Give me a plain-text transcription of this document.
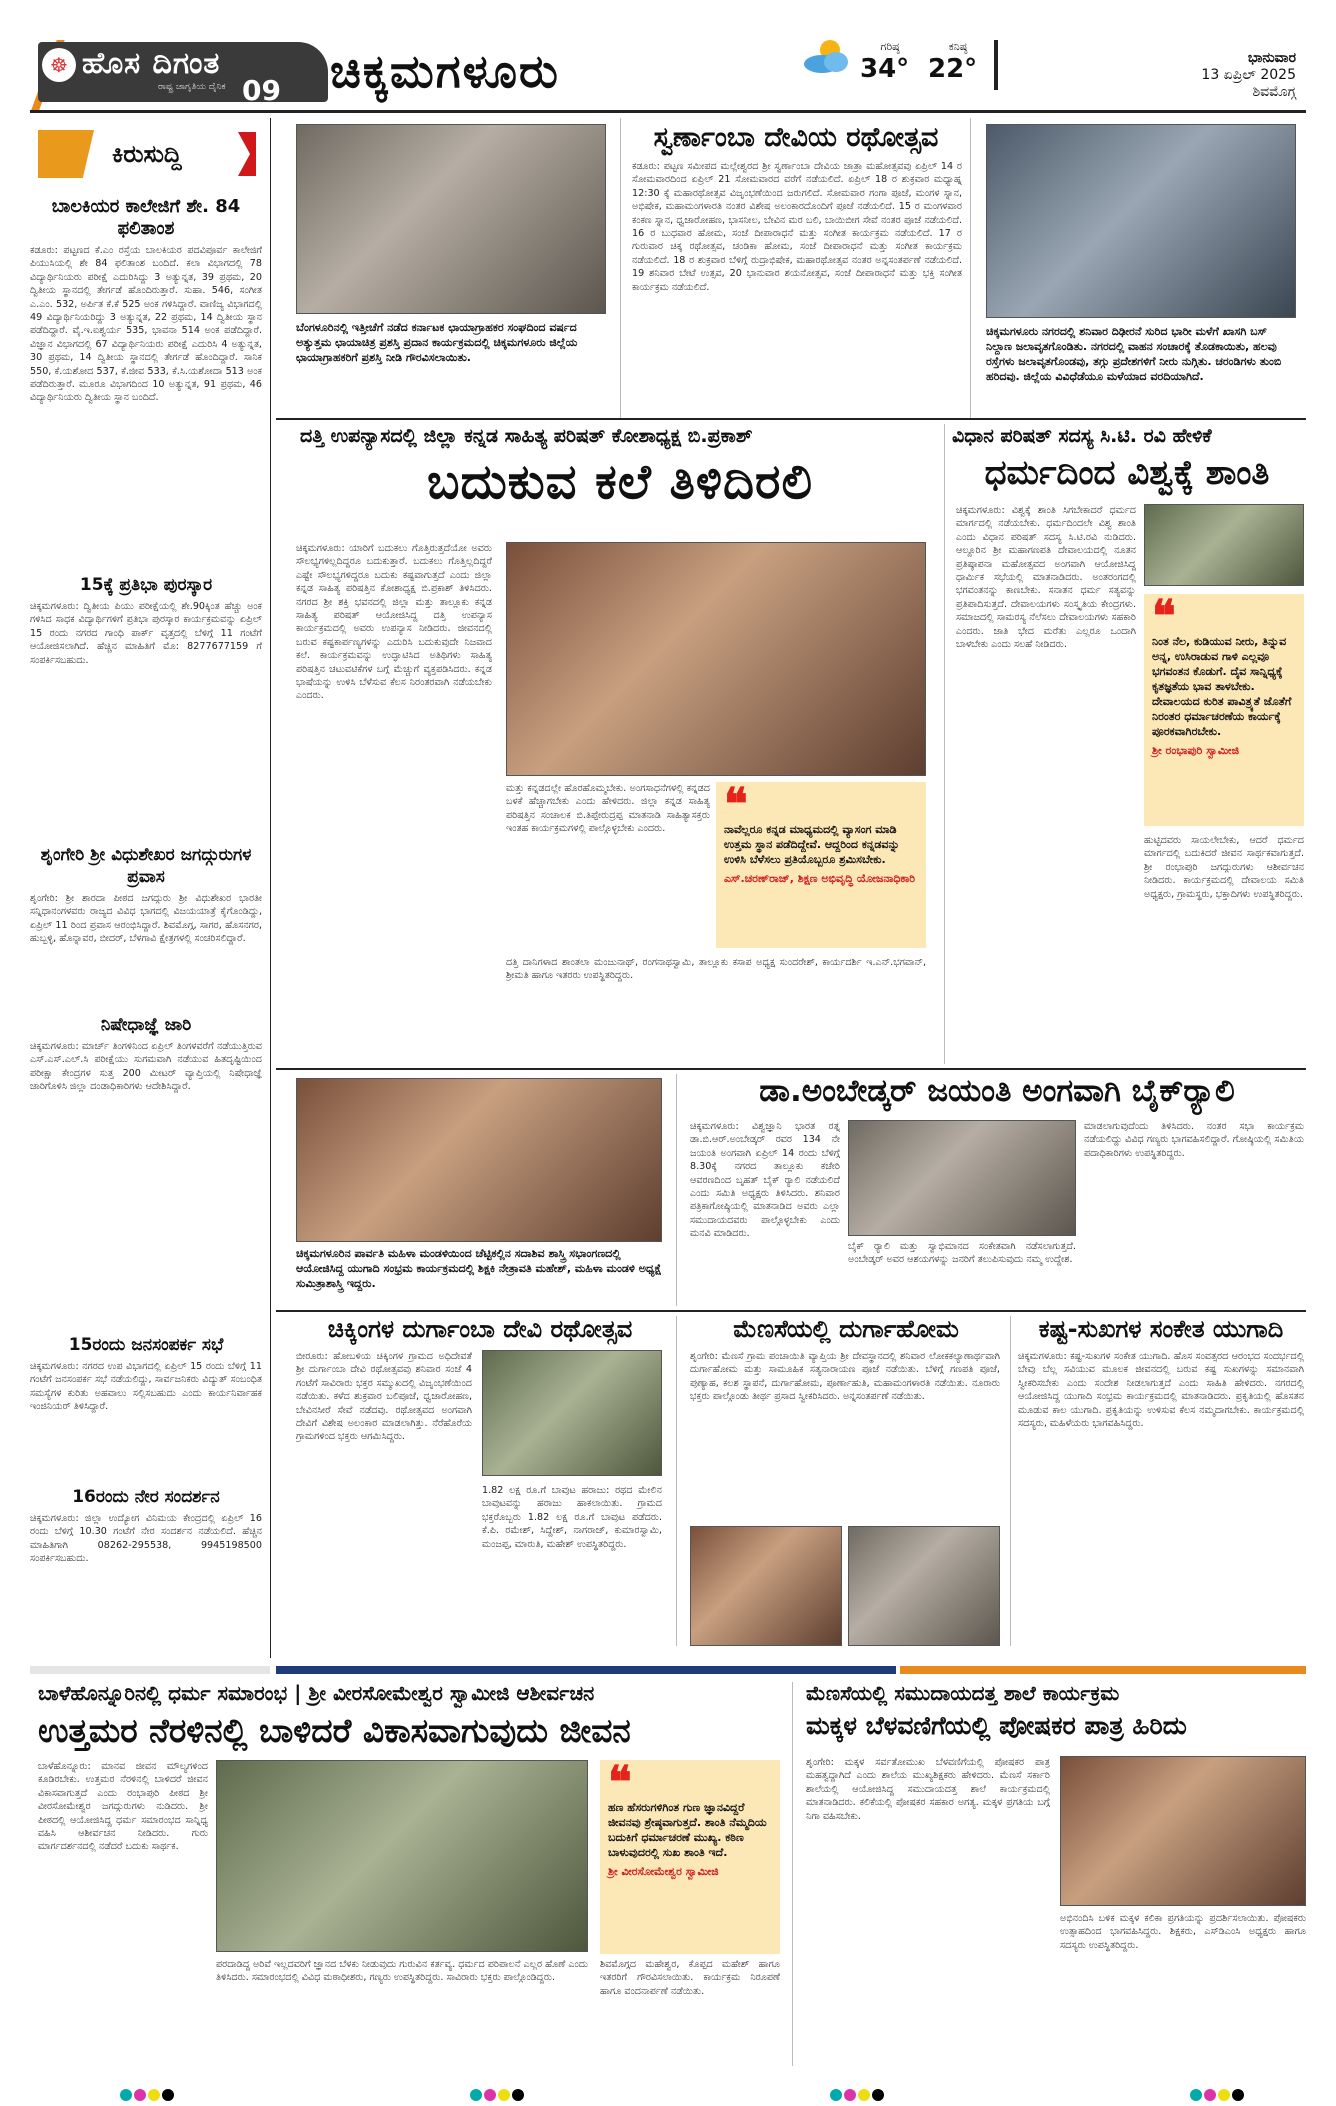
☸ ಹೊಸ ದಿಗಂತ
ರಾಷ್ಟ್ರ ಜಾಗೃತಿಯ ದೈನಿಕ 09 ಚಿಕ್ಕಮಗಳೂರು	ಗರಿಷ್ಠ
34°
ಕನಿಷ್ಠ
22°	ಭಾನುವಾರ
13 ಏಪ್ರಿಲ್ 2025
ಶಿವಮೊಗ್ಗ
ಕಿರುಸುದ್ದಿ
ಬಾಲಕಿಯರ ಕಾಲೇಜಿಗೆ ಶೇ. 84 ಫಲಿತಾಂಶ
ಕಡೂರು: ಪಟ್ಟಣದ ಕೆ.ಎಂ ರಸ್ತೆಯ ಬಾಲಕಿಯರ ಪದವಿಪೂರ್ವ ಕಾಲೇಜಿಗೆ ಪಿಯುಸಿಯಲ್ಲಿ ಶೇ 84 ಫಲಿತಾಂಶ ಬಂದಿದೆ. ಕಲಾ ವಿಭಾಗದಲ್ಲಿ 78 ವಿದ್ಯಾರ್ಥಿನಿಯರು ಪರೀಕ್ಷೆ ಎದುರಿಸಿದ್ದು 3 ಅತ್ಯುನ್ನತ, 39 ಪ್ರಥಮ, 20 ದ್ವಿತೀಯ ಸ್ಥಾನದಲ್ಲಿ ತೇರ್ಗಡೆ ಹೊಂದಿರುತ್ತಾರೆ. ಸುಹಾ. 546, ಸಂಗೀತ ಎ.ಎಂ. 532, ಅರ್ಪಿತ ಕೆ.ಕೆ 525 ಅಂಕ ಗಳಿಸಿದ್ದಾರೆ. ವಾಣಿಜ್ಯ ವಿಭಾಗದಲ್ಲಿ 49 ವಿದ್ಯಾರ್ಥಿನಿಯರಿದ್ದು 3 ಅತ್ಯುನ್ನತ, 22 ಪ್ರಥಮ, 14 ದ್ವಿತೀಯ ಸ್ಥಾನ ಪಡೆದಿದ್ದಾರೆ. ವೈ.ಇ.ಐಶ್ವರ್ಯ 535, ಭಾವನಾ 514 ಅಂಕ ಪಡೆದಿದ್ದಾರೆ. ವಿಜ್ಞಾನ ವಿಭಾಗದಲ್ಲಿ 67 ವಿದ್ಯಾರ್ಥಿನಿಯರು ಪರೀಕ್ಷೆ ಎದುರಿಸಿ 4 ಅತ್ಯುನ್ನತ, 30 ಪ್ರಥಮ, 14 ದ್ವಿತೀಯ ಸ್ಥಾನದಲ್ಲಿ ತೇರ್ಗಡೆ ಹೊಂದಿದ್ದಾರೆ. ಸಾನಿಕ 550, ಕೆ.ಯಶೋದ 537, ಕೆ.ಜೀವ 533, ಕೆ.ಸಿ.ಯಶೋದಾ 513 ಅಂಕ ಪಡೆದಿರುತ್ತಾರೆ. ಮೂರೂ ವಿಭಾಗದಿಂದ 10 ಅತ್ಯುನ್ನತ, 91 ಪ್ರಥಮ, 46 ವಿದ್ಯಾರ್ಥಿನಿಯರು ದ್ವಿತೀಯ ಸ್ಥಾನ ಬಂದಿದೆ.
15ಕ್ಕೆ ಪ್ರತಿಭಾ ಪುರಸ್ಕಾರ
ಚಿಕ್ಕಮಗಳೂರು: ದ್ವಿತೀಯ ಪಿಯು ಪರೀಕ್ಷೆಯಲ್ಲಿ ಶೇ.90ಕ್ಕಿಂತ ಹೆಚ್ಚು ಅಂಕ ಗಳಿಸಿದ ಸಾಧಕ ವಿದ್ಯಾರ್ಥಿಗಳಿಗೆ ಪ್ರತಿಭಾ ಪುರಸ್ಕಾರ ಕಾರ್ಯಕ್ರಮವನ್ನು ಏಪ್ರಿಲ್ 15 ರಂದು ನಗರದ ಗಾಂಧಿ ಪಾರ್ಕ್ ವೃತ್ತದಲ್ಲಿ ಬೆಳಿಗ್ಗೆ 11 ಗಂಟೆಗೆ ಆಯೋಜಿಸಲಾಗಿದೆ. ಹೆಚ್ಚಿನ ಮಾಹಿತಿಗೆ ಮೊ: 8277677159 ಗೆ ಸಂಪರ್ಕಿಸಬಹುದು.
ಶೃಂಗೇರಿ ಶ್ರೀ ವಿಧುಶೇಖರ ಜಗದ್ಗುರುಗಳ ಪ್ರವಾಸ
ಶೃಂಗೇರಿ: ಶ್ರೀ ಶಾರದಾ ಪೀಠದ ಜಗದ್ಗುರು ಶ್ರೀ ವಿಧುಶೇಖರ ಭಾರತೀ ಸನ್ನಿಧಾನಂಗಳವರು ರಾಜ್ಯದ ವಿವಿಧ ಭಾಗದಲ್ಲಿ ವಿಜಯಯಾತ್ರೆ ಕೈಗೊಂಡಿದ್ದು, ಏಪ್ರಿಲ್ 11 ರಿಂದ ಪ್ರವಾಸ ಆರಂಭಿಸಿದ್ದಾರೆ. ಶಿವಮೊಗ್ಗ, ಸಾಗರ, ಹೊಸನಗರ, ಹುಬ್ಬಳ್ಳಿ, ಹೊನ್ನಾವರ, ಬೀದರ್, ಬೆಳಗಾವಿ ಕ್ಷೇತ್ರಗಳಲ್ಲಿ ಸಂಚರಿಸಲಿದ್ದಾರೆ.
ನಿಷೇಧಾಜ್ಞೆ ಜಾರಿ
ಚಿಕ್ಕಮಗಳೂರು: ಮಾರ್ಚ್ ತಿಂಗಳಿನಿಂದ ಏಪ್ರಿಲ್ ತಿಂಗಳವರೆಗೆ ನಡೆಯುತ್ತಿರುವ ಎಸ್.ಎಸ್.ಎಲ್.ಸಿ ಪರೀಕ್ಷೆಯು ಸುಗಮವಾಗಿ ನಡೆಯುವ ಹಿತದೃಷ್ಟಿಯಿಂದ ಪರೀಕ್ಷಾ ಕೇಂದ್ರಗಳ ಸುತ್ತ 200 ಮೀಟರ್ ವ್ಯಾಪ್ತಿಯಲ್ಲಿ ನಿಷೇಧಾಜ್ಞೆ ಜಾರಿಗೊಳಿಸಿ ಜಿಲ್ಲಾ ದಂಡಾಧಿಕಾರಿಗಳು ಆದೇಶಿಸಿದ್ದಾರೆ.
15ರಂದು ಜನಸಂಪರ್ಕ ಸಭೆ
ಚಿಕ್ಕಮಗಳೂರು: ನಗರದ ಉಪ ವಿಭಾಗದಲ್ಲಿ ಏಪ್ರಿಲ್ 15 ರಂದು ಬೆಳಿಗ್ಗೆ 11 ಗಂಟೆಗೆ ಜನಸಂಪರ್ಕ ಸಭೆ ನಡೆಯಲಿದ್ದು, ಸಾರ್ವಜನಿಕರು ವಿದ್ಯುತ್ ಸಂಬಂಧಿತ ಸಮಸ್ಯೆಗಳ ಕುರಿತು ಅಹವಾಲು ಸಲ್ಲಿಸಬಹುದು ಎಂದು ಕಾರ್ಯನಿರ್ವಾಹಕ ಇಂಜಿನಿಯರ್ ತಿಳಿಸಿದ್ದಾರೆ.
16ರಂದು ನೇರ ಸಂದರ್ಶನ
ಚಿಕ್ಕಮಗಳೂರು: ಜಿಲ್ಲಾ ಉದ್ಯೋಗ ವಿನಿಮಯ ಕೇಂದ್ರದಲ್ಲಿ ಏಪ್ರಿಲ್ 16 ರಂದು ಬೆಳಿಗ್ಗೆ 10.30 ಗಂಟೆಗೆ ನೇರ ಸಂದರ್ಶನ ನಡೆಯಲಿದೆ. ಹೆಚ್ಚಿನ ಮಾಹಿತಿಗಾಗಿ 08262-295538, 9945198500 ಸಂಪರ್ಕಿಸಬಹುದು.
ಬೆಂಗಳೂರಿನಲ್ಲಿ ಇತ್ತೀಚೆಗೆ ನಡೆದ ಕರ್ನಾಟಕ ಛಾಯಾಗ್ರಾಹಕರ ಸಂಘದಿಂದ ವರ್ಷದ ಅತ್ಯುತ್ತಮ ಛಾಯಾಚಿತ್ರ ಪ್ರಶಸ್ತಿ ಪ್ರದಾನ ಕಾರ್ಯಕ್ರಮದಲ್ಲಿ ಚಿಕ್ಕಮಗಳೂರು ಜಿಲ್ಲೆಯ ಛಾಯಾಗ್ರಾಹಕರಿಗೆ ಪ್ರಶಸ್ತಿ ನೀಡಿ ಗೌರವಿಸಲಾಯಿತು.
ಸ್ವರ್ಣಾಂಬಾ ದೇವಿಯ ರಥೋತ್ಸವ
ಕಡೂರು: ಪಟ್ಟಣ ಸಮೀಪದ ಮಲ್ಲೇಶ್ವರದ ಶ್ರೀ ಸ್ವರ್ಣಾಂಬಾ ದೇವಿಯ ಜಾತ್ರಾ ಮಹೋತ್ಸವವು ಏಪ್ರಿಲ್ 14 ರ ಸೋಮವಾರದಿಂದ ಏಪ್ರಿಲ್ 21 ಸೋಮವಾರದ ವರೆಗೆ ನಡೆಯಲಿದೆ. ಏಪ್ರಿಲ್ 18 ರ ಶುಕ್ರವಾರ ಮಧ್ಯಾಹ್ನ 12:30 ಕ್ಕೆ ಮಹಾರಥೋತ್ಸವ ವಿಜೃಂಭಣೆಯಿಂದ ಜರುಗಲಿದೆ. ಸೋಮವಾರ ಗಂಗಾ ಪೂಜೆ, ಮಂಗಳ ಸ್ನಾನ, ಅಭಿಷೇಕ, ಮಹಾಮಂಗಳಾರತಿ ನಂತರ ವಿಶೇಷ ಅಲಂಕಾರದೊಂದಿಗೆ ಪೂಜೆ ನಡೆಯಲಿದೆ. 15 ರ ಮಂಗಳವಾರ ಕಂಕಣ ಸ್ನಾನ, ಧ್ವಜಾರೋಹಣ, ಭಾಸನೀಲ, ಬೇವಿನ ಮರ ಬಲಿ, ಬಾಯಿಬೀಗ ಸೇವೆ ನಂತರ ಪೂಜೆ ನಡೆಯಲಿದೆ. 16 ರ ಬುಧವಾರ ಹೋಮ, ಸಂಜೆ ದೀಪಾರಾಧನೆ ಮತ್ತು ಸಂಗೀತ ಕಾರ್ಯಕ್ರಮ ನಡೆಯಲಿದೆ. 17 ರ ಗುರುವಾರ ಚಿಕ್ಕ ರಥೋತ್ಸವ, ಚಂಡಿಕಾ ಹೋಮ, ಸಂಜೆ ದೀಪಾರಾಧನೆ ಮತ್ತು ಸಂಗೀತ ಕಾರ್ಯಕ್ರಮ ನಡೆಯಲಿದೆ. 18 ರ ಶುಕ್ರವಾರ ಬೆಳಿಗ್ಗೆ ರುದ್ರಾಭಿಷೇಕ, ಮಹಾರಥೋತ್ಸವ ನಂತರ ಅನ್ನಸಂತರ್ಪಣೆ ನಡೆಯಲಿದೆ. 19 ಶನಿವಾರ ಬೇಟೆ ಉತ್ಸವ, 20 ಭಾನುವಾರ ಶಯನೋತ್ಸವ, ಸಂಜೆ ದೀಪಾರಾಧನೆ ಮತ್ತು ಭಕ್ತಿ ಸಂಗೀತ ಕಾರ್ಯಕ್ರಮ ನಡೆಯಲಿದೆ.
ಚಿಕ್ಕಮಗಳೂರು ನಗರದಲ್ಲಿ ಶನಿವಾರ ದಿಢೀರನೆ ಸುರಿದ ಭಾರೀ ಮಳೆಗೆ ಖಾಸಗಿ ಬಸ್ ನಿಲ್ದಾಣ ಜಲಾವೃತಗೊಂಡಿತು. ನಗರದಲ್ಲಿ ವಾಹನ ಸಂಚಾರಕ್ಕೆ ತೊಡಕಾಯಿತು, ಹಲವು ರಸ್ತೆಗಳು ಜಲಾವೃತಗೊಂಡವು, ತಗ್ಗು ಪ್ರದೇಶಗಳಿಗೆ ನೀರು ನುಗ್ಗಿತು. ಚರಂಡಿಗಳು ತುಂಬಿ ಹರಿದವು. ಜಿಲ್ಲೆಯ ವಿವಿಧೆಡೆಯೂ ಮಳೆಯಾದ ವರದಿಯಾಗಿದೆ.
ದತ್ತಿ ಉಪನ್ಯಾಸದಲ್ಲಿ ಜಿಲ್ಲಾ ಕನ್ನಡ ಸಾಹಿತ್ಯ ಪರಿಷತ್ ಕೋಶಾಧ್ಯಕ್ಷ ಬಿ.ಪ್ರಕಾಶ್
ಬದುಕುವ ಕಲೆ ತಿಳಿದಿರಲಿ
ಚಿಕ್ಕಮಗಳೂರು: ಯಾರಿಗೆ ಬದುಕಲು ಗೊತ್ತಿರುತ್ತದೆಯೋ ಅವರು ಸೌಲಭ್ಯಗಳಿಲ್ಲದಿದ್ದರೂ ಬದುಕುತ್ತಾರೆ. ಬದುಕಲು ಗೊತ್ತಿಲ್ಲದಿದ್ದರೆ ಎಷ್ಟೇ ಸೌಲಭ್ಯಗಳಿದ್ದರೂ ಬದುಕು ಕಷ್ಟವಾಗುತ್ತದೆ ಎಂದು ಜಿಲ್ಲಾ ಕನ್ನಡ ಸಾಹಿತ್ಯ ಪರಿಷತ್ತಿನ ಕೋಶಾಧ್ಯಕ್ಷ ಬಿ.ಪ್ರಕಾಶ್ ತಿಳಿಸಿದರು. ನಗರದ ಶ್ರೀ ಶಕ್ತಿ ಭವನದಲ್ಲಿ ಜಿಲ್ಲಾ ಮತ್ತು ತಾಲ್ಲೂಕು ಕನ್ನಡ ಸಾಹಿತ್ಯ ಪರಿಷತ್ ಆಯೋಜಿಸಿದ್ದ ದತ್ತಿ ಉಪನ್ಯಾಸ ಕಾರ್ಯಕ್ರಮದಲ್ಲಿ ಅವರು ಉಪನ್ಯಾಸ ನೀಡಿದರು. ಜೀವನದಲ್ಲಿ ಬರುವ ಕಷ್ಟಕಾರ್ಪಣ್ಯಗಳನ್ನು ಎದುರಿಸಿ ಬದುಕುವುದೇ ನಿಜವಾದ ಕಲೆ. ಕಾರ್ಯಕ್ರಮವನ್ನು ಉದ್ಘಾಟಿಸಿದ ಅತಿಥಿಗಳು ಸಾಹಿತ್ಯ ಪರಿಷತ್ತಿನ ಚಟುವಟಿಕೆಗಳ ಬಗ್ಗೆ ಮೆಚ್ಚುಗೆ ವ್ಯಕ್ತಪಡಿಸಿದರು. ಕನ್ನಡ ಭಾಷೆಯನ್ನು ಉಳಿಸಿ ಬೆಳೆಸುವ ಕೆಲಸ ನಿರಂತರವಾಗಿ ನಡೆಯಬೇಕು ಎಂದರು.
ಮತ್ತು ಕನ್ನಡದಲ್ಲೇ ಹೊರಹೊಮ್ಮಬೇಕು. ಅಂಗಸಾಧನೆಗಳಲ್ಲಿ ಕನ್ನಡದ ಬಳಕೆ ಹೆಚ್ಚಾಗಬೇಕು ಎಂದು ಹೇಳಿದರು. ಜಿಲ್ಲಾ ಕನ್ನಡ ಸಾಹಿತ್ಯ ಪರಿಷತ್ತಿನ ಸಂಚಾಲಕ ಬಿ.ತಿಪ್ಪೇರುದ್ರಪ್ಪ ಮಾತನಾಡಿ ಸಾಹಿತ್ಯಾಸಕ್ತರು ಇಂತಹ ಕಾರ್ಯಕ್ರಮಗಳಲ್ಲಿ ಪಾಲ್ಗೊಳ್ಳಬೇಕು ಎಂದರು.	❝
ನಾವೆಲ್ಲರೂ ಕನ್ನಡ ಮಾಧ್ಯಮದಲ್ಲಿ ವ್ಯಾಸಂಗ ಮಾಡಿ ಉತ್ತಮ ಸ್ಥಾನ ಪಡೆದಿದ್ದೇವೆ. ಆದ್ದರಿಂದ ಕನ್ನಡವನ್ನು ಉಳಿಸಿ ಬೆಳೆಸಲು ಪ್ರತಿಯೊಬ್ಬರೂ ಶ್ರಮಿಸಬೇಕು.
ಎಸ್.ಚರಣ್‌ರಾಜ್, ಶಿಕ್ಷಣ ಅಭಿವೃದ್ಧಿ ಯೋಜನಾಧಿಕಾರಿ
ದತ್ತಿ ದಾನಿಗಳಾದ ಶಾಂತಲಾ ಮಂಜುನಾಥ್, ರಂಗನಾಥಸ್ವಾಮಿ, ತಾಲ್ಲೂಕು ಕಸಾಪ ಅಧ್ಯಕ್ಷ ಸುಂದರೇಶ್, ಕಾರ್ಯದರ್ಶಿ ಇ.ಎನ್.ಭಗವಾನ್, ಶ್ರೀಮತಿ ಹಾಗೂ ಇತರರು ಉಪಸ್ಥಿತರಿದ್ದರು.
ವಿಧಾನ ಪರಿಷತ್ ಸದಸ್ಯ ಸಿ.ಟಿ. ರವಿ ಹೇಳಿಕೆ
ಧರ್ಮದಿಂದ ವಿಶ್ವಕ್ಕೆ ಶಾಂತಿ
ಚಿಕ್ಕಮಗಳೂರು: ವಿಶ್ವಕ್ಕೆ ಶಾಂತಿ ಸಿಗಬೇಕಾದರೆ ಧರ್ಮದ ಮಾರ್ಗದಲ್ಲಿ ನಡೆಯಬೇಕು. ಧರ್ಮದಿಂದಲೇ ವಿಶ್ವ ಶಾಂತಿ ಎಂದು ವಿಧಾನ ಪರಿಷತ್ ಸದಸ್ಯ ಸಿ.ಟಿ.ರವಿ ನುಡಿದರು. ಆಲ್ದೂರಿನ ಶ್ರೀ ಮಹಾಗಣಪತಿ ದೇವಾಲಯದಲ್ಲಿ ನೂತನ ಪ್ರತಿಷ್ಠಾಪನಾ ಮಹೋತ್ಸವದ ಅಂಗವಾಗಿ ಆಯೋಜಿಸಿದ್ದ ಧಾರ್ಮಿಕ ಸಭೆಯಲ್ಲಿ ಮಾತನಾಡಿದರು. ಅಂತರಂಗದಲ್ಲಿ ಭಗವಂತನನ್ನು ಕಾಣಬೇಕು. ಸನಾತನ ಧರ್ಮ ಸತ್ಯವನ್ನು ಪ್ರತಿಪಾದಿಸುತ್ತದೆ. ದೇವಾಲಯಗಳು ಸಂಸ್ಕೃತಿಯ ಕೇಂದ್ರಗಳು. ಸಮಾಜದಲ್ಲಿ ಸಾಮರಸ್ಯ ನೆಲೆಸಲು ದೇವಾಲಯಗಳು ಸಹಕಾರಿ ಎಂದರು. ಜಾತಿ ಭೇದ ಮರೆತು ಎಲ್ಲರೂ ಒಂದಾಗಿ ಬಾಳಬೇಕು ಎಂದು ಸಲಹೆ ನೀಡಿದರು.
❝
ನಿಂತ ನೆಲ, ಕುಡಿಯುವ ನೀರು, ತಿನ್ನುವ ಅನ್ನ, ಉಸಿರಾಡುವ ಗಾಳಿ ಎಲ್ಲವೂ ಭಗವಂತನ ಕೊಡುಗೆ. ದೈವ ಸಾನ್ನಿಧ್ಯಕ್ಕೆ ಕೃತಜ್ಞತೆಯ ಭಾವ ತಾಳಬೇಕು. ದೇವಾಲಯದ ಕುರಿತ ಪಾವಿತ್ರ್ಯತೆ ಜೊತೆಗೆ ನಿರಂತರ ಧರ್ಮಾಚರಣೆಯ ಕಾರ್ಯಕ್ಕೆ ಪೂರಕವಾಗಿರಬೇಕು.
ಶ್ರೀ ರಂಭಾಪುರಿ ಸ್ವಾಮೀಜಿ
ಹುಟ್ಟಿದವರು ಸಾಯಲೇಬೇಕು, ಆದರೆ ಧರ್ಮದ ಮಾರ್ಗದಲ್ಲಿ ಬದುಕಿದರೆ ಜೀವನ ಸಾರ್ಥಕವಾಗುತ್ತದೆ. ಶ್ರೀ ರಂಭಾಪುರಿ ಜಗದ್ಗುರುಗಳು ಆಶೀರ್ವಚನ ನೀಡಿದರು. ಕಾರ್ಯಕ್ರಮದಲ್ಲಿ ದೇವಾಲಯ ಸಮಿತಿ ಅಧ್ಯಕ್ಷರು, ಗ್ರಾಮಸ್ಥರು, ಭಕ್ತಾದಿಗಳು ಉಪಸ್ಥಿತರಿದ್ದರು.
ಚಿಕ್ಕಮಗಳೂರಿನ ಪಾರ್ವತಿ ಮಹಿಳಾ ಮಂಡಳಿಯಿಂದ ಚೆಟ್ಟಿಕಲ್ಲಿನ ಸದಾಶಿವ ಶಾಸ್ತ್ರಿ ಸಭಾಂಗಣದಲ್ಲಿ ಆಯೋಜಿಸಿದ್ದ ಯುಗಾದಿ ಸಂಭ್ರಮ ಕಾರ್ಯಕ್ರಮದಲ್ಲಿ ಶಿಕ್ಷಕಿ ನೇತ್ರಾವತಿ ಮಹೇಶ್, ಮಹಿಳಾ ಮಂಡಳಿ ಅಧ್ಯಕ್ಷೆ ಸುಮಿತ್ರಾಶಾಸ್ತ್ರಿ ಇದ್ದರು.
ಡಾ.ಅಂಬೇಡ್ಕರ್ ಜಯಂತಿ ಅಂಗವಾಗಿ ಬೈಕ್‌ರ್‍ಯಾಲಿ
ಚಿಕ್ಕಮಗಳೂರು: ವಿಶ್ವಜ್ಞಾನಿ ಭಾರತ ರತ್ನ ಡಾ.ಬಿ.ಆರ್.ಅಂಬೇಡ್ಕರ್ ರವರ 134 ನೇ ಜಯಂತಿ ಅಂಗವಾಗಿ ಏಪ್ರಿಲ್ 14 ರಂದು ಬೆಳಿಗ್ಗೆ 8.30ಕ್ಕೆ ನಗರದ ತಾಲ್ಲೂಕು ಕಚೇರಿ ಆವರಣದಿಂದ ಬೃಹತ್ ಬೈಕ್ ರ್‍ಯಾಲಿ ನಡೆಯಲಿದೆ ಎಂದು ಸಮಿತಿ ಅಧ್ಯಕ್ಷರು ತಿಳಿಸಿದರು. ಶನಿವಾರ ಪತ್ರಿಕಾಗೋಷ್ಠಿಯಲ್ಲಿ ಮಾತನಾಡಿದ ಅವರು ಎಲ್ಲಾ ಸಮುದಾಯದವರು ಪಾಲ್ಗೊಳ್ಳಬೇಕು ಎಂದು ಮನವಿ ಮಾಡಿದರು.
ಬೈಕ್ ರ್‍ಯಾಲಿ ಮತ್ತು ಸ್ವಾಭಿಮಾನದ ಸಂಕೇತವಾಗಿ ನಡೆಸಲಾಗುತ್ತದೆ. ಅಂಬೇಡ್ಕರ್ ಅವರ ಆಶಯಗಳನ್ನು ಜನರಿಗೆ ತಲುಪಿಸುವುದು ನಮ್ಮ ಉದ್ದೇಶ.
ಮಾಡಲಾಗುವುದೆಂದು ತಿಳಿಸಿದರು. ನಂತರ ಸಭಾ ಕಾರ್ಯಕ್ರಮ ನಡೆಯಲಿದ್ದು ವಿವಿಧ ಗಣ್ಯರು ಭಾಗವಹಿಸಲಿದ್ದಾರೆ. ಗೋಷ್ಠಿಯಲ್ಲಿ ಸಮಿತಿಯ ಪದಾಧಿಕಾರಿಗಳು ಉಪಸ್ಥಿತರಿದ್ದರು.
ಚಿಕ್ಕಿಂಗಳ ದುರ್ಗಾಂಬಾ ದೇವಿ ರಥೋತ್ಸವ
ಬೀರೂರು: ಹೋಬಳಿಯ ಚಿಕ್ಕಿಂಗಳ ಗ್ರಾಮದ ಅಧಿದೇವತೆ ಶ್ರೀ ದುರ್ಗಾಂಬಾ ದೇವಿ ರಥೋತ್ಸವವು ಶನಿವಾರ ಸಂಜೆ 4 ಗಂಟೆಗೆ ಸಾವಿರಾರು ಭಕ್ತರ ಸಮ್ಮುಖದಲ್ಲಿ ವಿಜೃಂಭಣೆಯಿಂದ ನಡೆಯಿತು. ಕಳೆದ ಶುಕ್ರವಾರ ಬಲಿಪೂಜೆ, ಧ್ವಜಾರೋಹಣ, ಬೇವಿನಸೀರೆ ಸೇವೆ ನಡೆದವು. ರಥೋತ್ಸವದ ಅಂಗವಾಗಿ ದೇವಿಗೆ ವಿಶೇಷ ಅಲಂಕಾರ ಮಾಡಲಾಗಿತ್ತು. ನೆರೆಹೊರೆಯ ಗ್ರಾಮಗಳಿಂದ ಭಕ್ತರು ಆಗಮಿಸಿದ್ದರು.
1.82 ಲಕ್ಷ ರೂ.ಗೆ ಬಾವುಟ ಹರಾಜು: ರಥದ ಮೇಲಿನ ಬಾವುಟವನ್ನು ಹರಾಜು ಹಾಕಲಾಯಿತು. ಗ್ರಾಮದ ಭಕ್ತರೊಬ್ಬರು 1.82 ಲಕ್ಷ ರೂ.ಗೆ ಬಾವುಟ ಪಡೆದರು. ಕೆ.ಪಿ. ರಮೇಶ್, ಸಿದ್ದೇಶ್, ನಾಗರಾಜ್, ಕುಮಾರಸ್ವಾಮಿ, ಮಂಜಪ್ಪ, ಮಾರುತಿ, ಮಹೇಶ್ ಉಪಸ್ಥಿತರಿದ್ದರು.
ಮೆಣಸೆಯಲ್ಲಿ ದುರ್ಗಾಹೋಮ
ಶೃಂಗೇರಿ: ಮೆಣಸೆ ಗ್ರಾಮ ಪಂಚಾಯಿತಿ ವ್ಯಾಪ್ತಿಯ ಶ್ರೀ ದೇವಸ್ಥಾನದಲ್ಲಿ ಶನಿವಾರ ಲೋಕಕಲ್ಯಾಣಾರ್ಥವಾಗಿ ದುರ್ಗಾಹೋಮ ಮತ್ತು ಸಾಮೂಹಿಕ ಸತ್ಯನಾರಾಯಣ ಪೂಜೆ ನಡೆಯಿತು. ಬೆಳಿಗ್ಗೆ ಗಣಪತಿ ಪೂಜೆ, ಪುಣ್ಯಾಹ, ಕಲಶ ಸ್ಥಾಪನೆ, ದುರ್ಗಾಹೋಮ, ಪೂರ್ಣಾಹುತಿ, ಮಹಾಮಂಗಳಾರತಿ ನಡೆಯಿತು. ನೂರಾರು ಭಕ್ತರು ಪಾಲ್ಗೊಂಡು ತೀರ್ಥ ಪ್ರಸಾದ ಸ್ವೀಕರಿಸಿದರು. ಅನ್ನಸಂತರ್ಪಣೆ ನಡೆಯಿತು.
ಕಷ್ಟ-ಸುಖಗಳ ಸಂಕೇತ ಯುಗಾದಿ
ಚಿಕ್ಕಮಗಳೂರು: ಕಷ್ಟ-ಸುಖಗಳ ಸಂಕೇತ ಯುಗಾದಿ. ಹೊಸ ಸಂವತ್ಸರದ ಆರಂಭದ ಸಂದರ್ಭದಲ್ಲಿ ಬೇವು ಬೆಲ್ಲ ಸವಿಯುವ ಮೂಲಕ ಜೀವನದಲ್ಲಿ ಬರುವ ಕಷ್ಟ ಸುಖಗಳನ್ನು ಸಮಾನವಾಗಿ ಸ್ವೀಕರಿಸಬೇಕು ಎಂದು ಸಂದೇಶ ನೀಡಲಾಗುತ್ತದೆ ಎಂದು ಸಾಹಿತಿ ಹೇಳಿದರು. ನಗರದಲ್ಲಿ ಆಯೋಜಿಸಿದ್ದ ಯುಗಾದಿ ಸಂಭ್ರಮ ಕಾರ್ಯಕ್ರಮದಲ್ಲಿ ಮಾತನಾಡಿದರು. ಪ್ರಕೃತಿಯಲ್ಲಿ ಹೊಸತನ ಮೂಡುವ ಕಾಲ ಯುಗಾದಿ. ಪ್ರಕೃತಿಯನ್ನು ಉಳಿಸುವ ಕೆಲಸ ನಮ್ಮದಾಗಬೇಕು. ಕಾರ್ಯಕ್ರಮದಲ್ಲಿ ಸದಸ್ಯರು, ಮಹಿಳೆಯರು ಭಾಗವಹಿಸಿದ್ದರು.
ಬಾಳೆಹೊನ್ನೂರಿನಲ್ಲಿ ಧರ್ಮ ಸಮಾರಂಭ | ಶ್ರೀ ವೀರಸೋಮೇಶ್ವರ ಸ್ವಾಮೀಜಿ ಆಶೀರ್ವಚನ
ಉತ್ತಮರ ನೆರಳಿನಲ್ಲಿ ಬಾಳಿದರೆ ವಿಕಾಸವಾಗುವುದು ಜೀವನ
ಬಾಳೆಹೊನ್ನೂರು: ಮಾನವ ಜೀವನ ಮೌಲ್ಯಗಳಿಂದ ಕೂಡಿರಬೇಕು. ಉತ್ತಮರ ನೆರಳಿನಲ್ಲಿ ಬಾಳಿದರೆ ಜೀವನ ವಿಕಾಸವಾಗುತ್ತದೆ ಎಂದು ರಂಭಾಪುರಿ ಪೀಠದ ಶ್ರೀ ವೀರಸೋಮೇಶ್ವರ ಜಗದ್ಗುರುಗಳು ನುಡಿದರು. ಶ್ರೀ ಪೀಠದಲ್ಲಿ ಆಯೋಜಿಸಿದ್ದ ಧರ್ಮ ಸಮಾರಂಭದ ಸಾನ್ನಿಧ್ಯ ವಹಿಸಿ ಆಶೀರ್ವಚನ ನೀಡಿದರು. ಗುರು ಮಾರ್ಗದರ್ಶನದಲ್ಲಿ ನಡೆದರೆ ಬದುಕು ಸಾರ್ಥಕ.
ಪರದಾಡಿದ್ದ ಅರಿವೆ ಇಲ್ಲದವರಿಗೆ ಜ್ಞಾನದ ಬೆಳಕು ನೀಡುವುದು ಗುರುವಿನ ಕರ್ತವ್ಯ. ಧರ್ಮದ ಪರಿಪಾಲನೆ ಎಲ್ಲರ ಹೊಣೆ ಎಂದು ತಿಳಿಸಿದರು. ಸಮಾರಂಭದಲ್ಲಿ ವಿವಿಧ ಮಠಾಧೀಶರು, ಗಣ್ಯರು ಉಪಸ್ಥಿತರಿದ್ದರು. ಸಾವಿರಾರು ಭಕ್ತರು ಪಾಲ್ಗೊಂಡಿದ್ದರು.
❝
ಹಣ ಹೆಸರುಗಳಿಗಿಂತ ಗುಣ ಜ್ಞಾನವಿದ್ದರೆ ಜೀವನವು ಶ್ರೇಷ್ಠವಾಗುತ್ತದೆ. ಶಾಂತಿ ನೆಮ್ಮದಿಯ ಬದುಕಿಗೆ ಧರ್ಮಾಚರಣೆ ಮುಖ್ಯ. ಕಠಿಣ ಬಾಳುವುದರಲ್ಲಿ ಸುಖ ಶಾಂತಿ ಇದೆ.
ಶ್ರೀ ವೀರಸೋಮೇಶ್ವರ ಸ್ವಾಮೀಜಿ
ಶಿವಮೊಗ್ಗದ ಮಹೇಶ್ವರ, ಕೊಪ್ಪದ ಮಹೇಶ್ ಹಾಗೂ ಇತರರಿಗೆ ಗೌರವಿಸಲಾಯಿತು. ಕಾರ್ಯಕ್ರಮ ನಿರೂಪಣೆ ಹಾಗೂ ವಂದನಾರ್ಪಣೆ ನಡೆಯಿತು.
ಮೆಣಸೆಯಲ್ಲಿ ಸಮುದಾಯದತ್ತ ಶಾಲೆ ಕಾರ್ಯಕ್ರಮ
ಮಕ್ಕಳ ಬೆಳವಣಿಗೆಯಲ್ಲಿ ಪೋಷಕರ ಪಾತ್ರ ಹಿರಿದು
ಶೃಂಗೇರಿ: ಮಕ್ಕಳ ಸರ್ವತೋಮುಖ ಬೆಳವಣಿಗೆಯಲ್ಲಿ ಪೋಷಕರ ಪಾತ್ರ ಮಹತ್ವದ್ದಾಗಿದೆ ಎಂದು ಶಾಲೆಯ ಮುಖ್ಯಶಿಕ್ಷಕರು ಹೇಳಿದರು. ಮೆಣಸೆ ಸರ್ಕಾರಿ ಶಾಲೆಯಲ್ಲಿ ಆಯೋಜಿಸಿದ್ದ ಸಮುದಾಯದತ್ತ ಶಾಲೆ ಕಾರ್ಯಕ್ರಮದಲ್ಲಿ ಮಾತನಾಡಿದರು. ಕಲಿಕೆಯಲ್ಲಿ ಪೋಷಕರ ಸಹಕಾರ ಅಗತ್ಯ. ಮಕ್ಕಳ ಪ್ರಗತಿಯ ಬಗ್ಗೆ ನಿಗಾ ವಹಿಸಬೇಕು.
ಅಭಿನಂದಿಸಿ ಬಳಿಕ ಮಕ್ಕಳ ಕಲಿಕಾ ಪ್ರಗತಿಯನ್ನು ಪ್ರದರ್ಶಿಸಲಾಯಿತು. ಪೋಷಕರು ಉತ್ಸಾಹದಿಂದ ಭಾಗವಹಿಸಿದ್ದರು. ಶಿಕ್ಷಕರು, ಎಸ್‌ಡಿಎಂಸಿ ಅಧ್ಯಕ್ಷರು ಹಾಗೂ ಸದಸ್ಯರು ಉಪಸ್ಥಿತರಿದ್ದರು.
